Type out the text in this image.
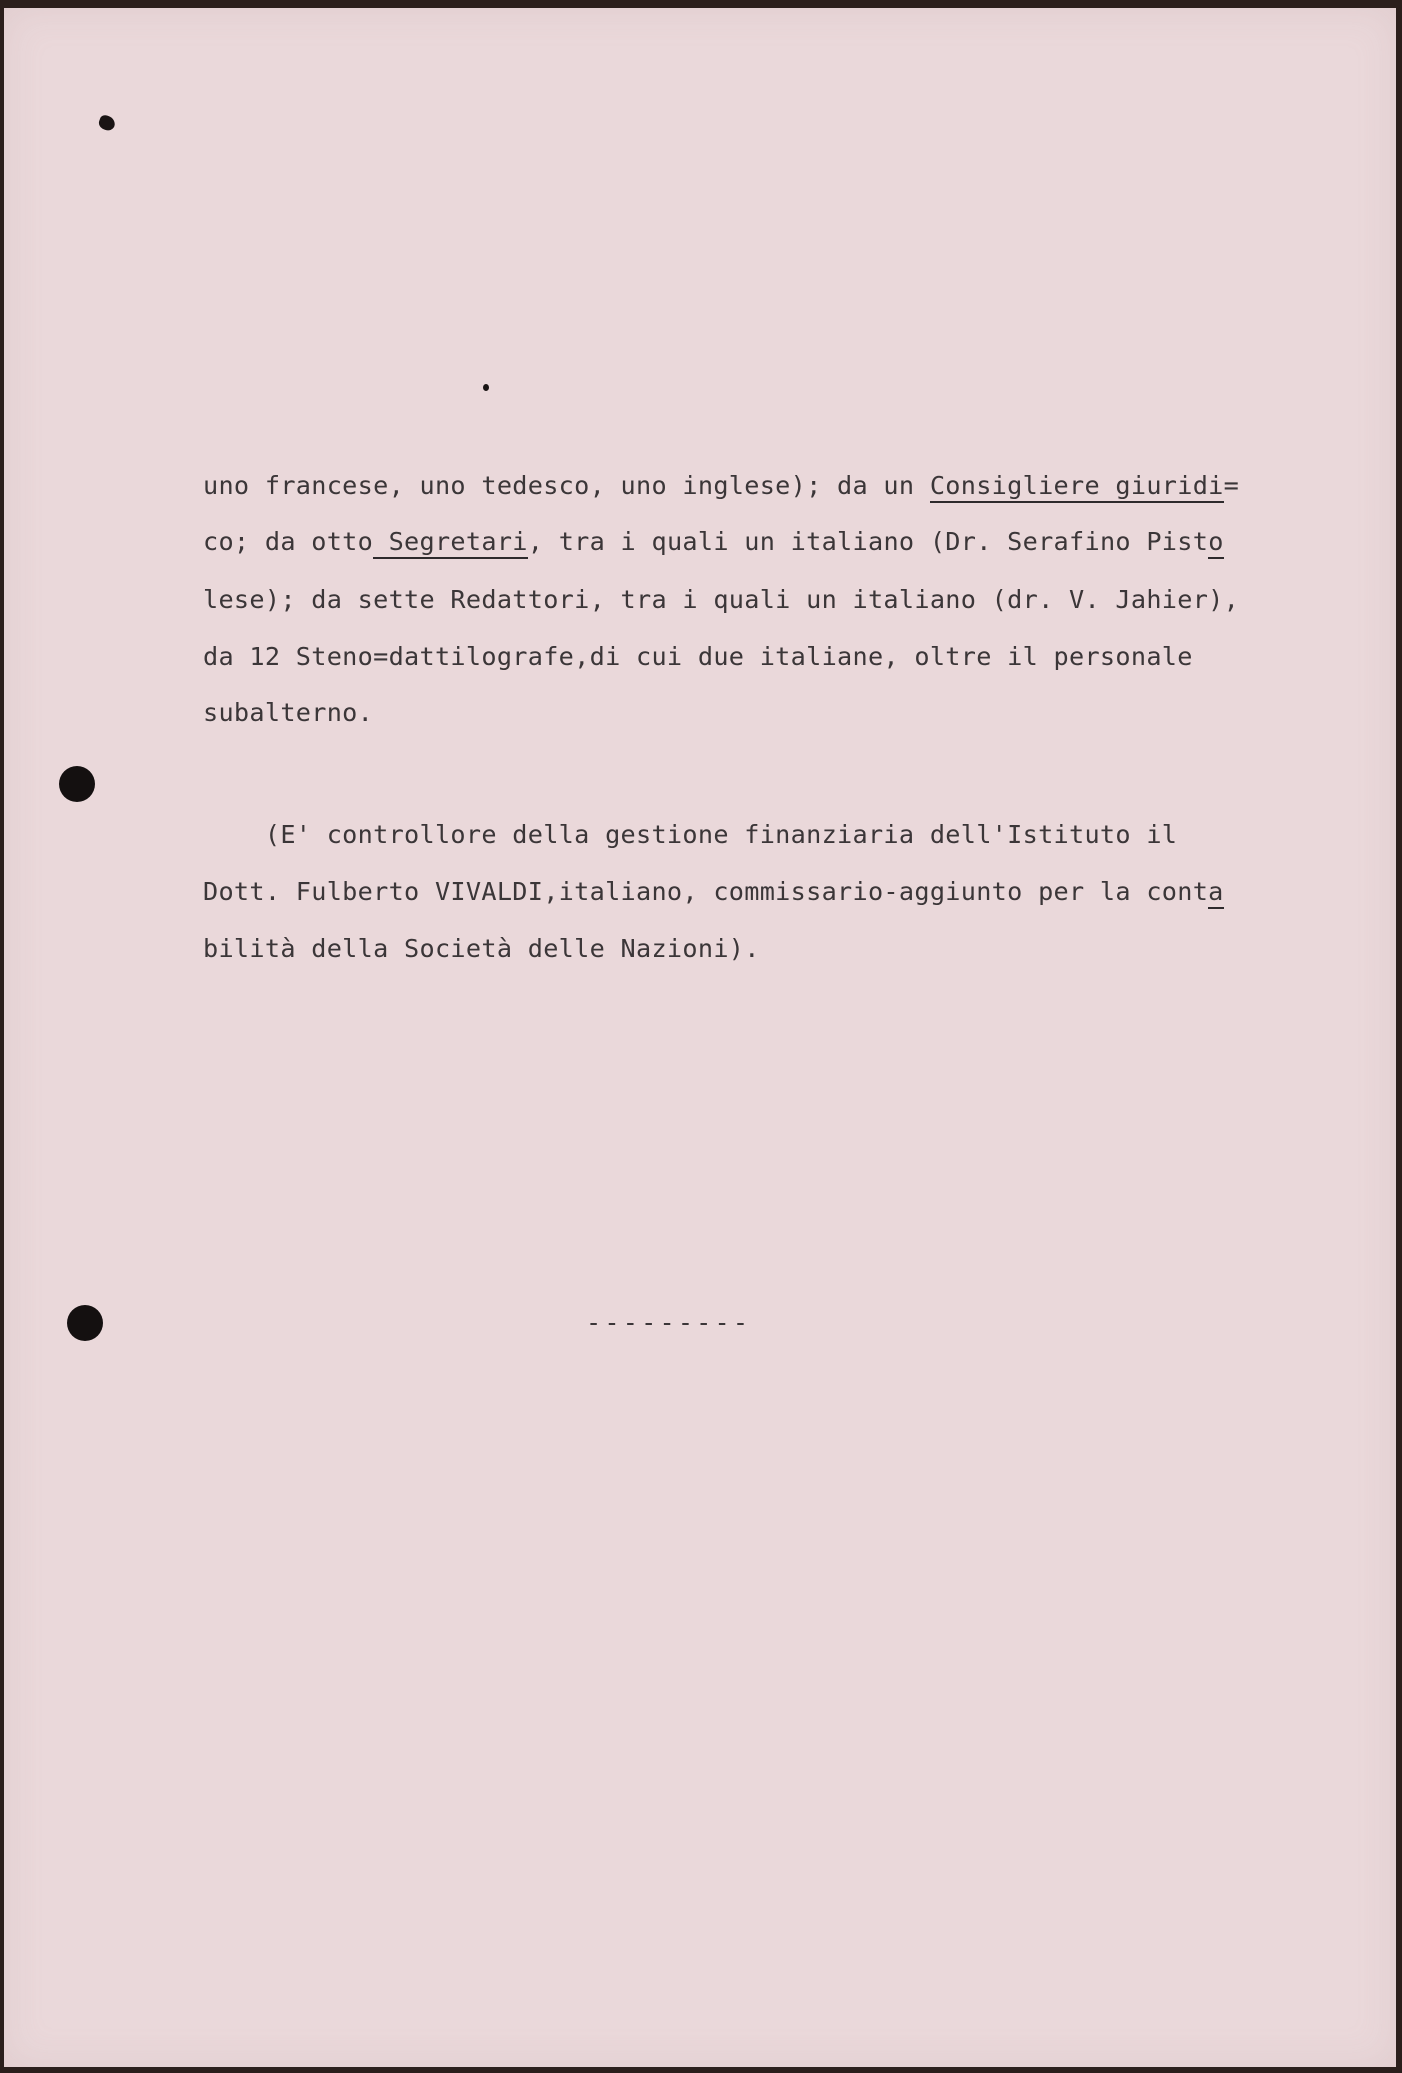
uno francese, uno tedesco, uno inglese); da un Consigliere giuridi=
co; da otto Segretari, tra i quali un italiano (Dr. Serafino Pisto
lese); da sette Redattori, tra i quali un italiano (dr. V. Jahier),
da 12 Steno=dattilografe,di cui due italiane, oltre il personale
subalterno.
(E' controllore della gestione finanziaria dell'Istituto il
Dott. Fulberto VIVALDI,italiano, commissario-aggiunto per la conta
bilità della Società delle Nazioni).
---------
